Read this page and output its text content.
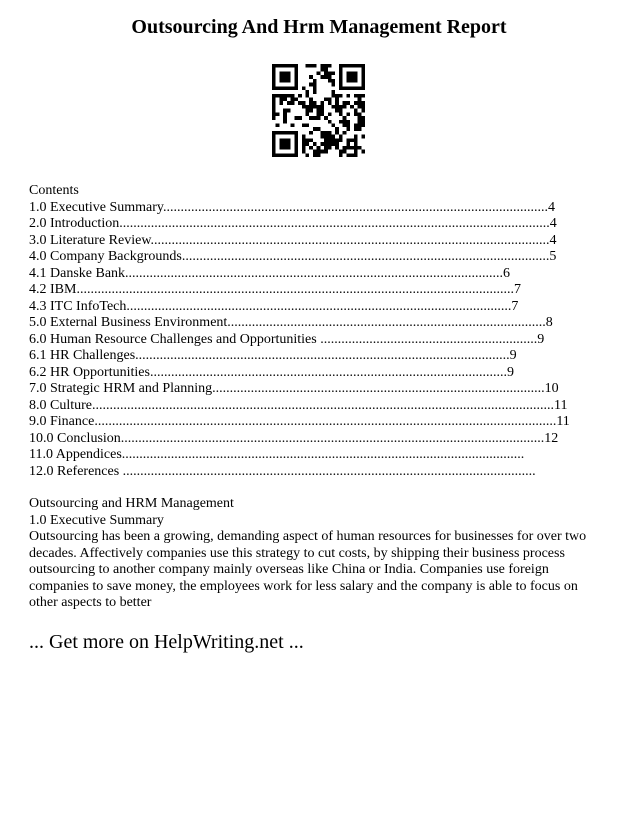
Outsourcing And Hrm Management Report
Contents
1.0 Executive Summary..............................................................................................................4
2.0 Introduction...........................................................................................................................4
3.0 Literature Review..................................................................................................................4
4.0 Company Backgrounds.........................................................................................................5
4.1 Danske Bank............................................................................................................6
4.2 IBM.............................................................................................................................7
4.3 ITC InfoTech..............................................................................................................7
5.0 External Business Environment...........................................................................................8
6.0 Human Resource Challenges and Opportunities ..............................................................9
6.1 HR Challenges...........................................................................................................9
6.2 HR Opportunities......................................................................................................9
7.0 Strategic HRM and Planning...............................................................................................10
8.0 Culture....................................................................................................................................11
9.0 Finance....................................................................................................................................11
10.0 Conclusion.........................................................................................................................12
11.0 Appendices...................................................................................................................
12.0 References ......................................................................................................................

Outsourcing and HRM Management

1.0 Executive Summary

Outsourcing has been a growing, demanding aspect of human resources for businesses for over two decades. Affectively companies use this strategy to cut costs, by shipping their business process outsourcing to another company mainly overseas like China or India. Companies use foreign companies to save money, the employees work for less salary and the company is able to focus on other aspects to better

... Get more on HelpWriting.net ...
